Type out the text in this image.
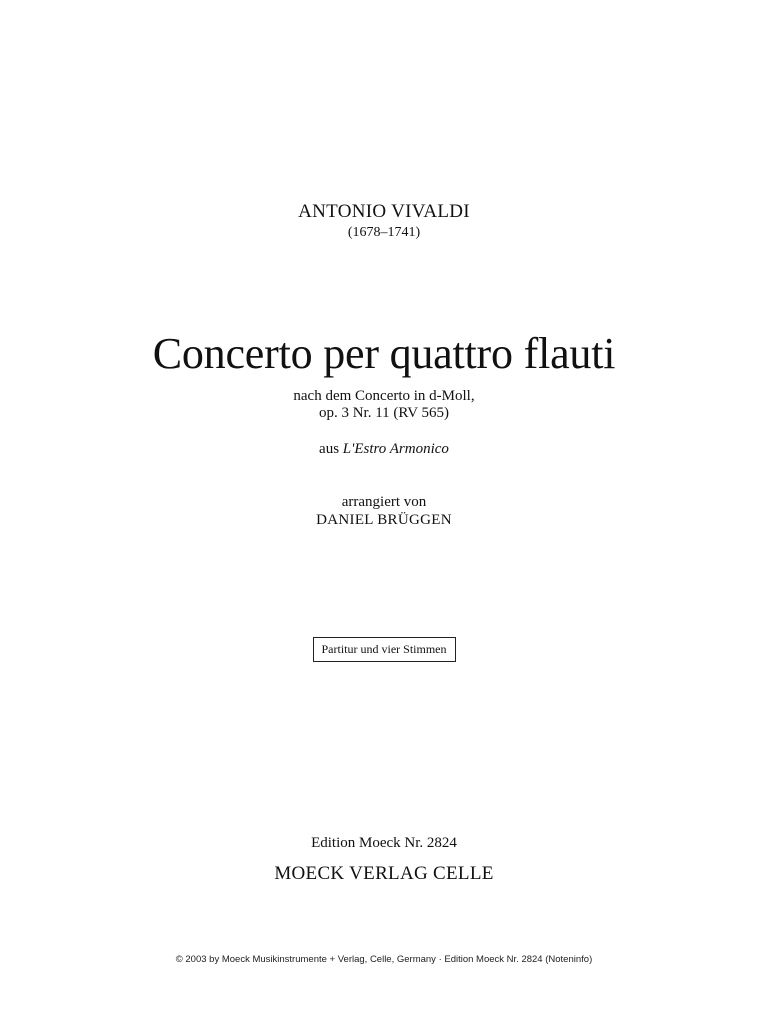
ANTONIO VIVALDI
(1678–1741)
Concerto per quattro flauti
nach dem Concerto in d-Moll,
op. 3 Nr. 11 (RV 565)
aus L'Estro Armonico
arrangiert von
DANIEL BRÜGGEN
Partitur und vier Stimmen
Edition Moeck Nr. 2824
MOECK VERLAG CELLE
© 2003 by Moeck Musikinstrumente + Verlag, Celle, Germany · Edition Moeck Nr. 2824 (Noteninfo)
